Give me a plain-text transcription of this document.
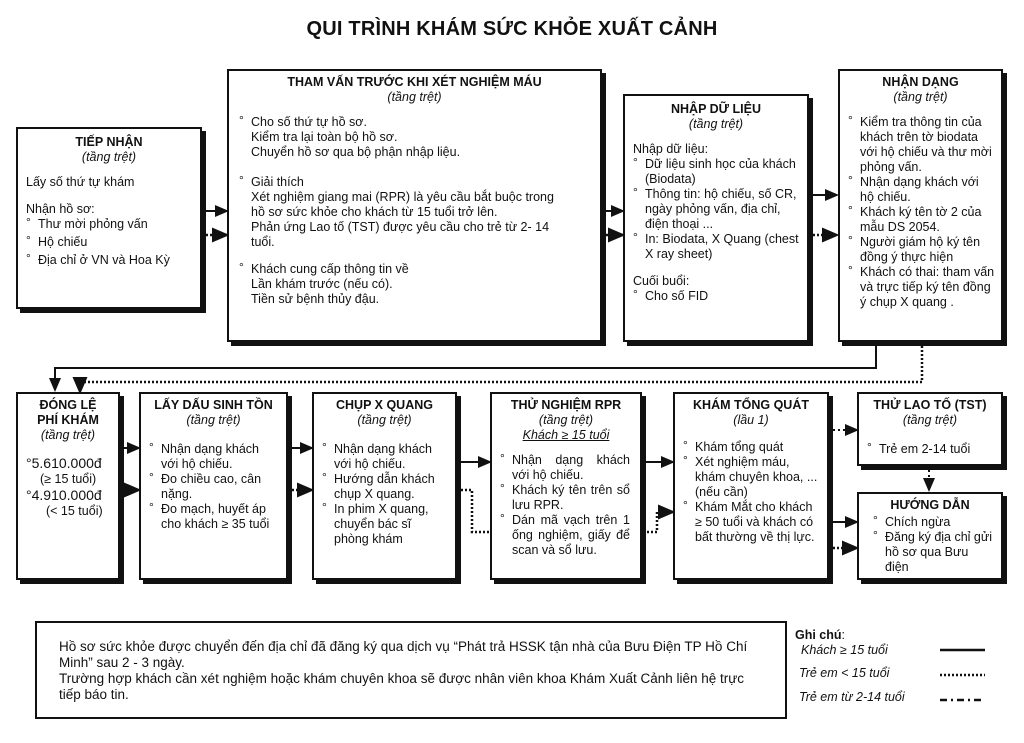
QUI TRÌNH KHÁM SỨC KHỎE XUẤT CẢNH
TIẾP NHẬN
(tầng trệt)

Lấy số thứ tự khám

Nhận hồ sơ:

° Thư mời phỏng vấn
° Hộ chiếu
° Địa chỉ ở VN và Hoa Kỳ
THAM VẤN TRƯỚC KHI XÉT NGHIỆM MÁU
(tầng trệt)

° Cho số thứ tự hồ sơ.

Kiểm tra lại toàn bộ hồ sơ.

Chuyển hồ sơ qua bộ phận nhập liệu.

° Giải thích

Xét nghiệm giang mai (RPR) là yêu cầu bắt buộc trong

hồ sơ sức khỏe cho khách từ 15 tuổi trở lên.

Phản ứng Lao tố (TST) được yêu cầu cho trẻ từ 2- 14

tuổi.

° Khách cung cấp thông tin về

Lần khám trước (nếu có).

Tiền sử bệnh thủy đậu.

NHẬP DỮ LIỆU
(tầng trệt)

Nhập dữ liệu:

° Dữ liệu sinh học của khách (Biodata)
° Thông tin: hộ chiếu, số CR, ngày phỏng vấn, địa chỉ, điện thoại ...
° In: Biodata, X Quang (chest X ray sheet)

Cuối buổi:

° Cho số FID
NHẬN DẠNG
(tầng trệt)
° Kiểm tra thông tin của khách trên tờ biodata với hộ chiếu và thư mời phỏng vấn.
° Nhận dạng khách với hộ chiếu.
° Khách ký tên tờ 2 của mẫu DS 2054.
° Người giám hộ ký tên đồng ý thực hiện
° Khách có thai: tham vấn và trực tiếp ký tên đồng ý chụp X quang .
ĐÓNG LỆ
PHÍ KHÁM
(tầng trệt)
°5.610.000đ
(≥ 15 tuổi)
°4.910.000đ
(< 15 tuổi)
LẤY DẤU SINH TỒN
(tầng trệt)
° Nhận dạng khách với hộ chiếu.
° Đo chiều cao, cân nặng.
° Đo mạch, huyết áp cho khách ≥ 35 tuổi
CHỤP X QUANG
(tầng trệt)
° Nhận dạng khách với hộ chiếu.
° Hướng dẫn khách chụp X quang.
° In phim X quang, chuyển bác sĩ phòng khám
THỬ NGHIỆM RPR
(tầng trệt)
Khách ≥ 15 tuổi
° Nhận dạng khách với hộ chiếu.
° Khách ký tên trên sổ lưu RPR.
° Dán mã vạch trên 1 ống nghiệm, giấy để scan và sổ lưu.
KHÁM TỔNG QUÁT
(lầu 1)
° Khám tổng quát
° Xét nghiệm máu, khám chuyên khoa, ...(nếu cần)
° Khám Mắt cho khách ≥ 50 tuổi và khách có bất thường về thị lực.
THỬ LAO TỐ (TST)
(tầng trệt)
° Trẻ em 2-14 tuổi
HƯỚNG DẪN
° Chích ngừa
° Đăng ký địa chỉ gửi hồ sơ qua Bưu điện

Hồ sơ sức khỏe được chuyển đến địa chỉ đã đăng ký qua dịch vụ “Phát trả HSSK tận nhà của Bưu Điện TP Hồ Chí Minh” sau 2 - 3 ngày.

Trường hợp khách cần xét nghiệm hoặc khám chuyên khoa sẽ được nhân viên khoa Khám Xuất Cảnh liên hệ trực tiếp báo tin.

Ghi chú:
Khách ≥ 15 tuổi
Trẻ em < 15 tuổi
Trẻ em từ 2-14 tuổi
